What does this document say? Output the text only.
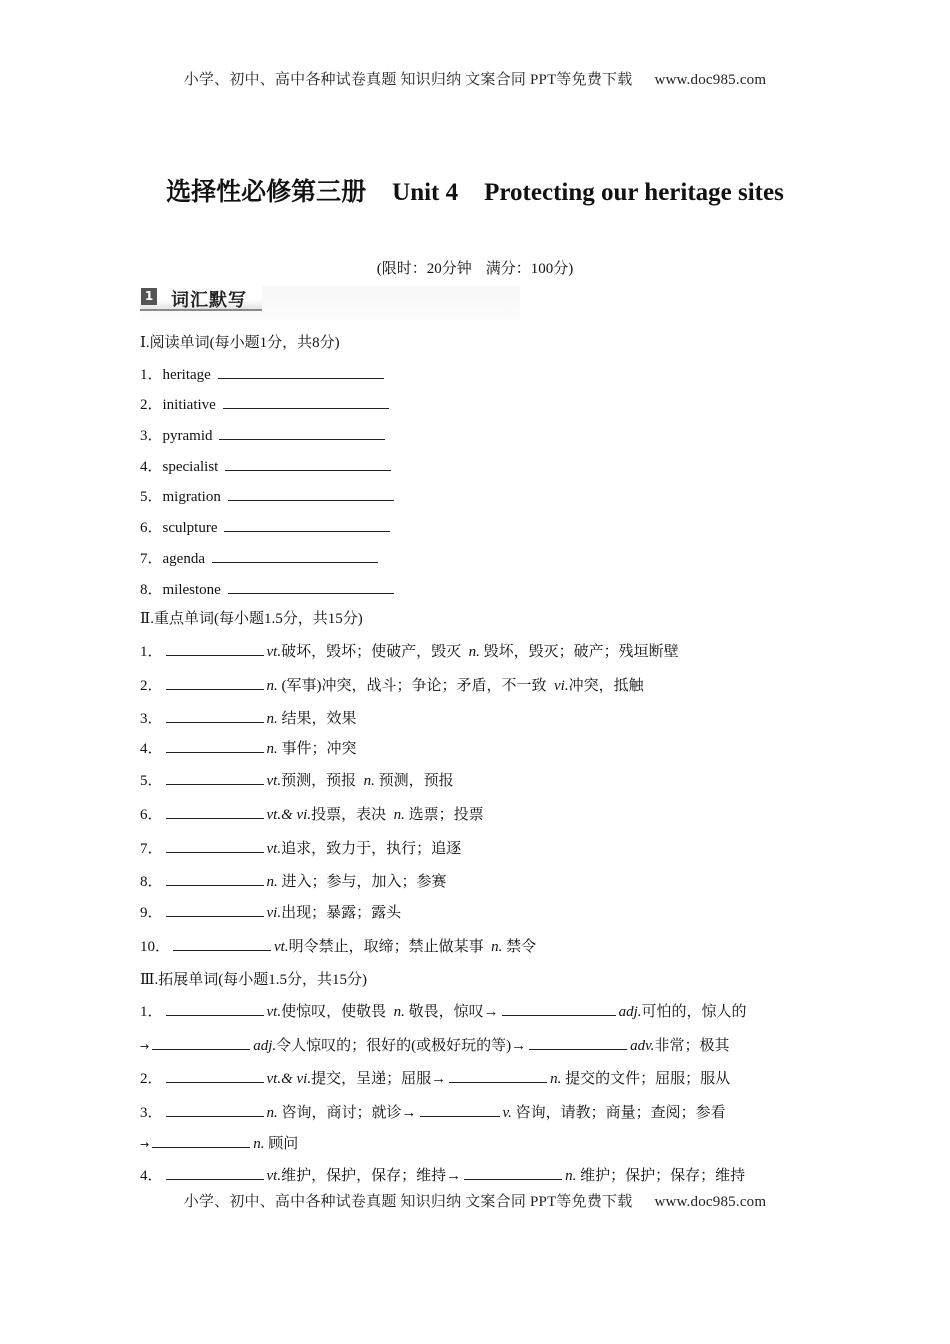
小学、初中、高中各种试卷真题 知识归纳 文案合同 PPT等免费下载 www.doc985.com
选择性必修第三册 Unit 4 Protecting our heritage sites
(限时：20分钟 满分：100分)
1 词汇默写
Ⅰ.阅读单词(每小题1分，共8分)
1．heritage
2．initiative
3．pyramid
4．specialist
5．migration
6．sculpture
7．agenda
8．milestone
Ⅱ.重点单词(每小题1.5分，共15分)
1．	vt.破坏，毁坏；使破产，毁灭 n. 毁坏，毁灭；破产；残垣断壁
2．	n. (军事)冲突，战斗；争论；矛盾，不一致 vi.冲突，抵触
3．	n. 结果，效果
4．	n. 事件；冲突
5．	vt.预测，预报 n. 预测，预报
6．	vt.& vi.投票，表决 n. 选票；投票
7．	vt.追求，致力于，执行；追逐
8．	n. 进入；参与，加入；参赛
9．	vi.出现；暴露；露头
10．	vt.明令禁止，取缔；禁止做某事 n. 禁令
Ⅲ.拓展单词(每小题1.5分，共15分)
1．	vt.使惊叹，使敬畏 n. 敬畏，惊叹→	adj.可怕的，惊人的
→	adj.令人惊叹的；很好的(或极好玩的等)→	adv.非常；极其
2．	vt.& vi.提交，呈递；屈服→	n. 提交的文件；屈服；服从
3．	n. 咨询，商讨；就诊→	v. 咨询，请教；商量；查阅；参看
→	n. 顾问
4．	vt.维护，保护，保存；维持→	n. 维护；保护；保存；维持
小学、初中、高中各种试卷真题 知识归纳 文案合同 PPT等免费下载 www.doc985.com
